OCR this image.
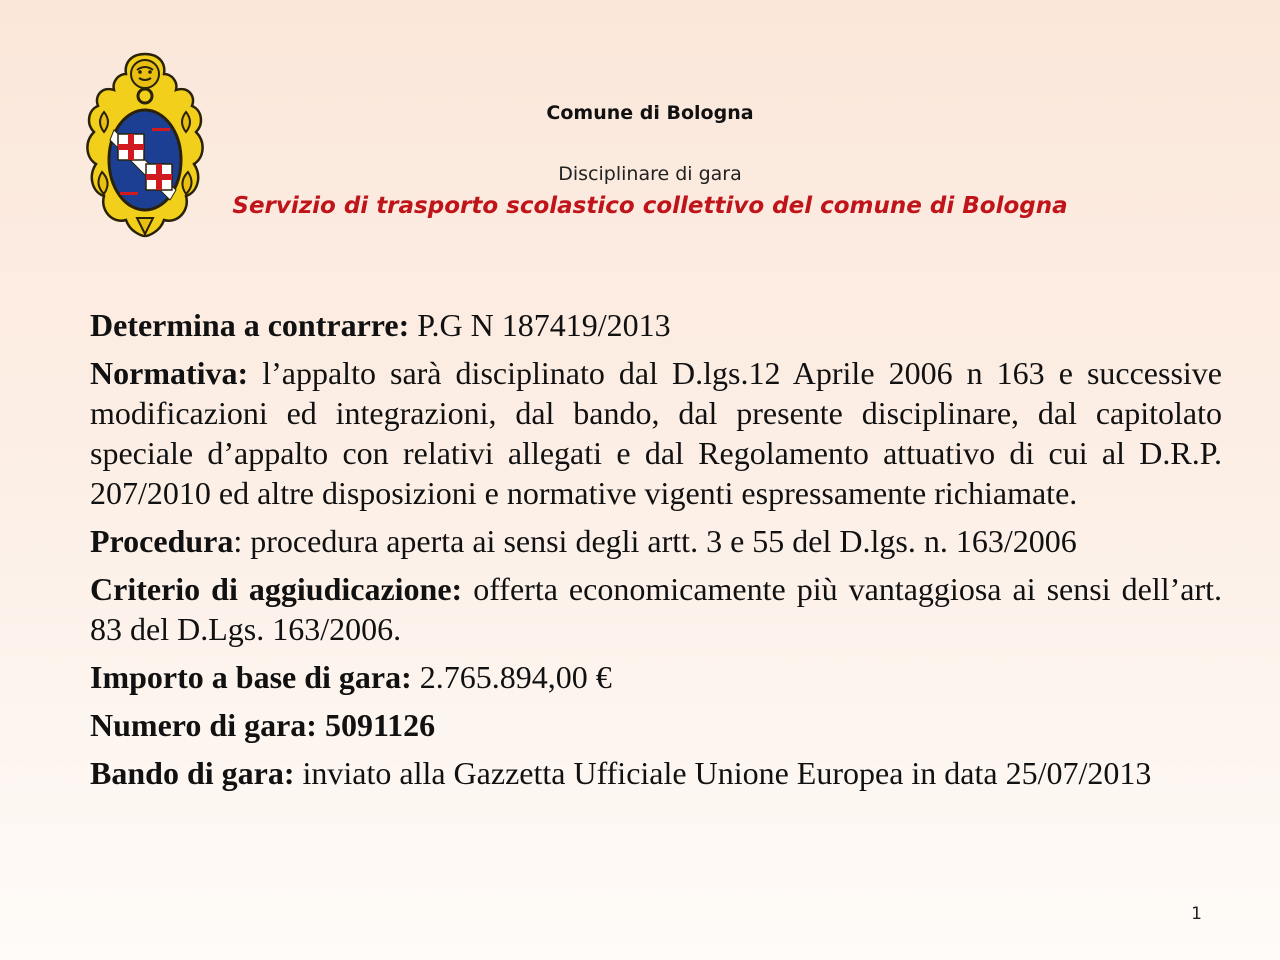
Comune di Bologna
Disciplinare di gara
Servizio di trasporto scolastico collettivo del comune di Bologna

Determina a contrarre: P.G N 187419/2013

Normativa: l’appalto sarà disciplinato dal D.lgs.12 Aprile 2006 n 163 e successive modificazioni ed integrazioni, dal bando, dal presente disciplinare, dal capitolato speciale d’appalto con relativi allegati e dal Regolamento attuativo di cui al D.R.P. 207/2010 ed altre disposizioni e normative vigenti espressamente richiamate.

Procedura: procedura aperta ai sensi degli artt. 3 e 55 del D.lgs. n. 163/2006

Criterio di aggiudicazione: offerta economicamente più vantaggiosa ai sensi dell’art. 83 del D.Lgs. 163/2006.

Importo a base di gara: 2.765.894,00 €

Numero di gara: 5091126

Bando di gara: inviato alla Gazzetta Ufficiale Unione Europea in data 25/07/2013

1
